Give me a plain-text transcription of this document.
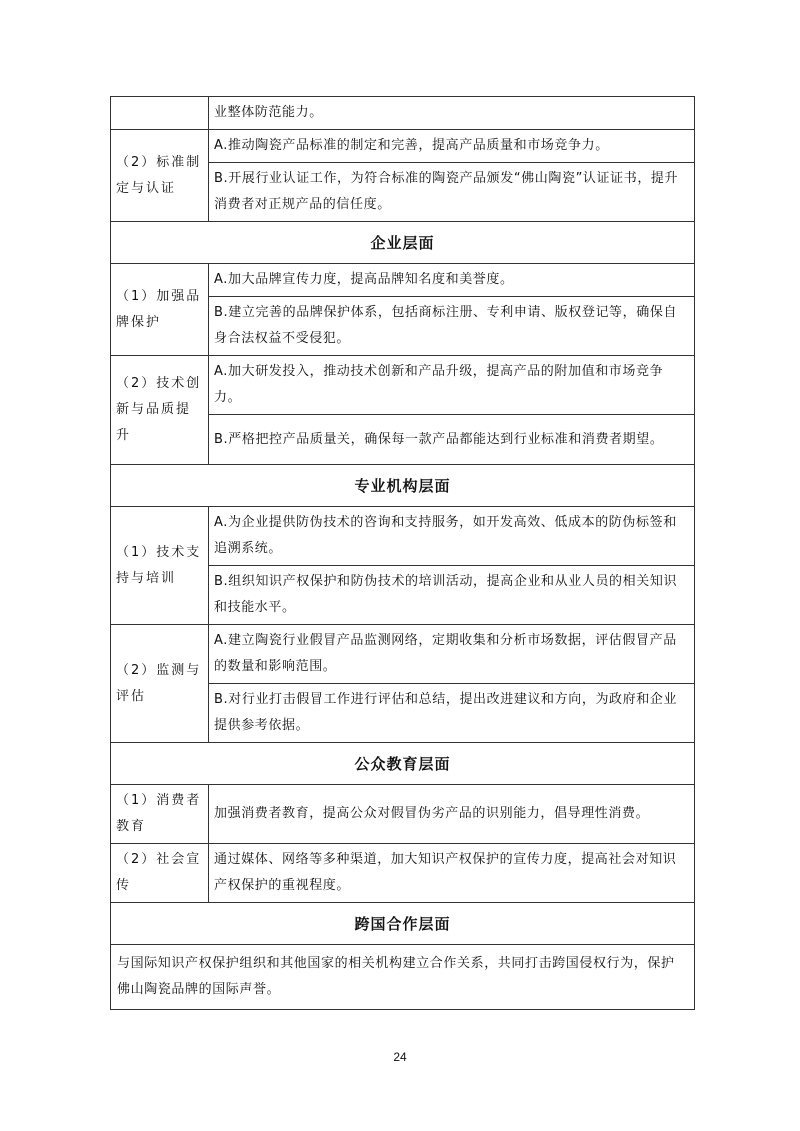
	业整体防范能力。
（2）标准制定与认证	A.推动陶瓷产品标准的制定和完善，提高产品质量和市场竞争力。
	B.开展行业认证工作，为符合标准的陶瓷产品颁发“佛山陶瓷”认证证书，提升消费者对正规产品的信任度。
企业层面	
（1）加强品牌保护	A.加大品牌宣传力度，提高品牌知名度和美誉度。
	B.建立完善的品牌保护体系，包括商标注册、专利申请、版权登记等，确保自身合法权益不受侵犯。
（2）技术创新与品质提升	A.加大研发投入，推动技术创新和产品升级，提高产品的附加值和市场竞争力。
	B.严格把控产品质量关，确保每一款产品都能达到行业标准和消费者期望。
专业机构层面	
（1）技术支持与培训	A.为企业提供防伪技术的咨询和支持服务，如开发高效、低成本的防伪标签和追溯系统。
	B.组织知识产权保护和防伪技术的培训活动，提高企业和从业人员的相关知识和技能水平。
（2）监测与评估	A.建立陶瓷行业假冒产品监测网络，定期收集和分析市场数据，评估假冒产品的数量和影响范围。
	B.对行业打击假冒工作进行评估和总结，提出改进建议和方向，为政府和企业提供参考依据。
公众教育层面	
（1）消费者教育	加强消费者教育，提高公众对假冒伪劣产品的识别能力，倡导理性消费。
（2）社会宣传	通过媒体、网络等多种渠道，加大知识产权保护的宣传力度，提高社会对知识产权保护的重视程度。
跨国合作层面	
与国际知识产权保护组织和其他国家的相关机构建立合作关系，共同打击跨国侵权行为，保护佛山陶瓷品牌的国际声誉。	
24
